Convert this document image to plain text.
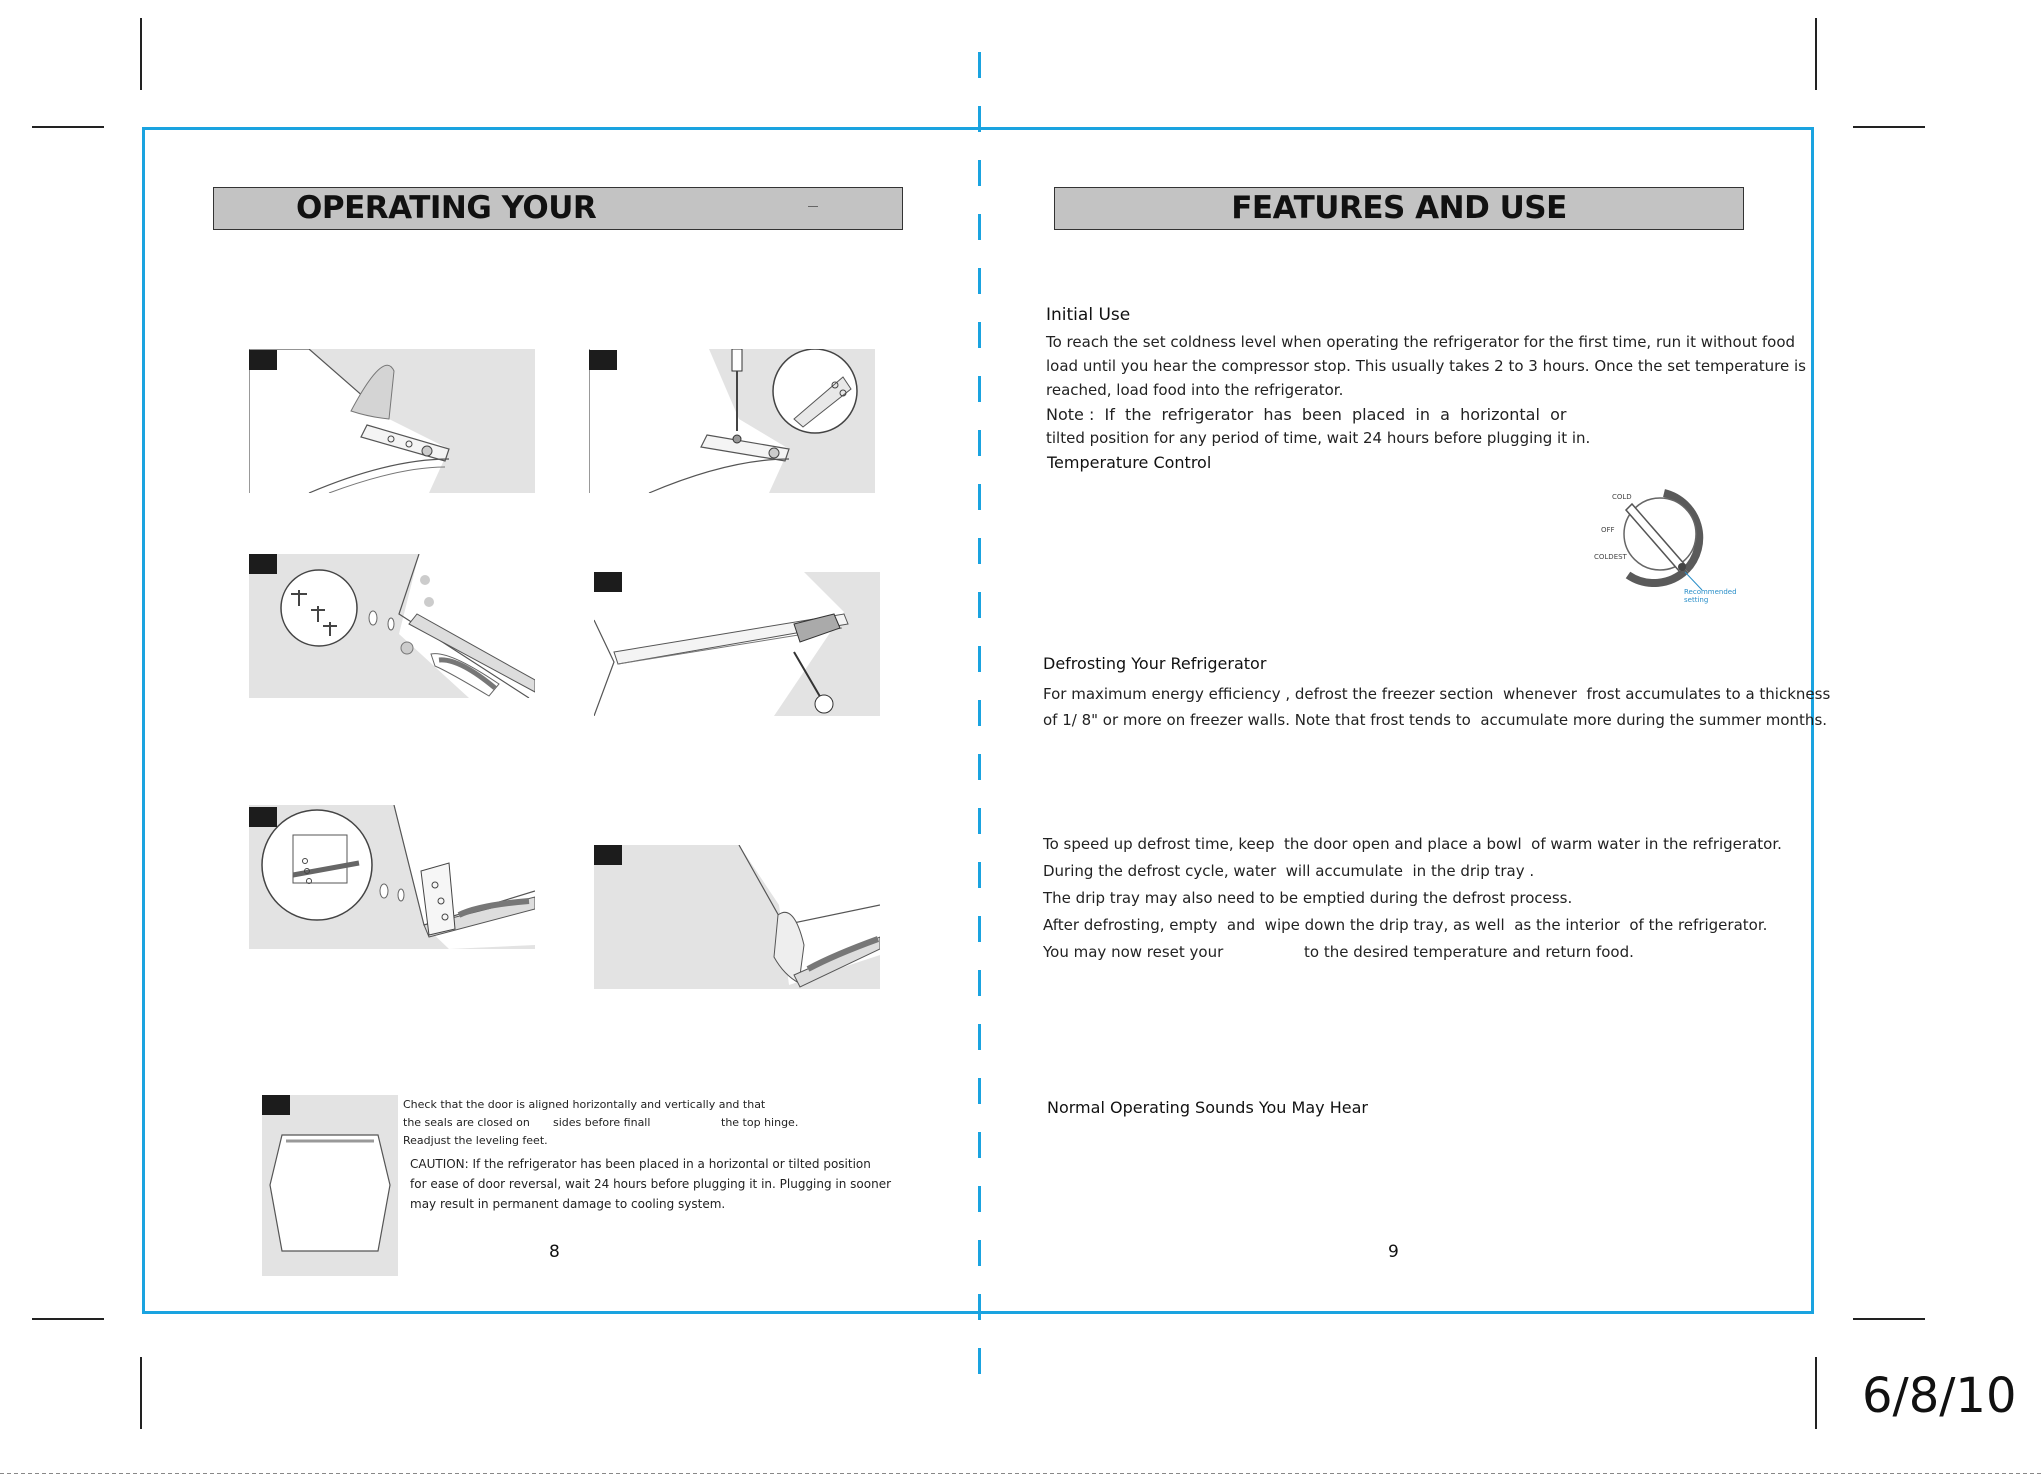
OPERATING YOUR
Check that the door is aligned horizontally and vertically and that
the seals are closed on sides before finall	the top hinge.
Readjust the leveling feet.
CAUTION: If the refrigerator has been placed in a horizontal or tilted position
for ease of door reversal, wait 24 hours before plugging it in. Plugging in sooner
may result in permanent damage to cooling system.
8
FEATURES AND USE
Initial Use
To reach the set coldness level when operating the refrigerator for the first time, run it without food
load until you hear the compressor stop. This usually takes 2 to 3 hours. Once the set temperature is
reached, load food into the refrigerator.
Note :  If  the  refrigerator  has  been  placed  in  a  horizontal  or
tilted position for any period of time, wait 24 hours before plugging it in.
Temperature Control
COLD
OFF
COLDEST
Recommended
setting
Defrosting Your Refrigerator
For maximum energy efficiency , defrost the freezer section  whenever  frost accumulates to a thickness
of 1/ 8" or more on freezer walls. Note that frost tends to  accumulate more during the summer months.
To speed up defrost time, keep  the door open and place a bowl  of warm water in the refrigerator.
During the defrost cycle, water  will accumulate  in the drip tray .
The drip tray may also need to be emptied during the defrost process.
After defrosting, empty  and  wipe down the drip tray, as well  as the interior  of the refrigerator.
You may now reset your	to the desired temperature and return food.
Normal Operating Sounds You May Hear
9
6/8/10
